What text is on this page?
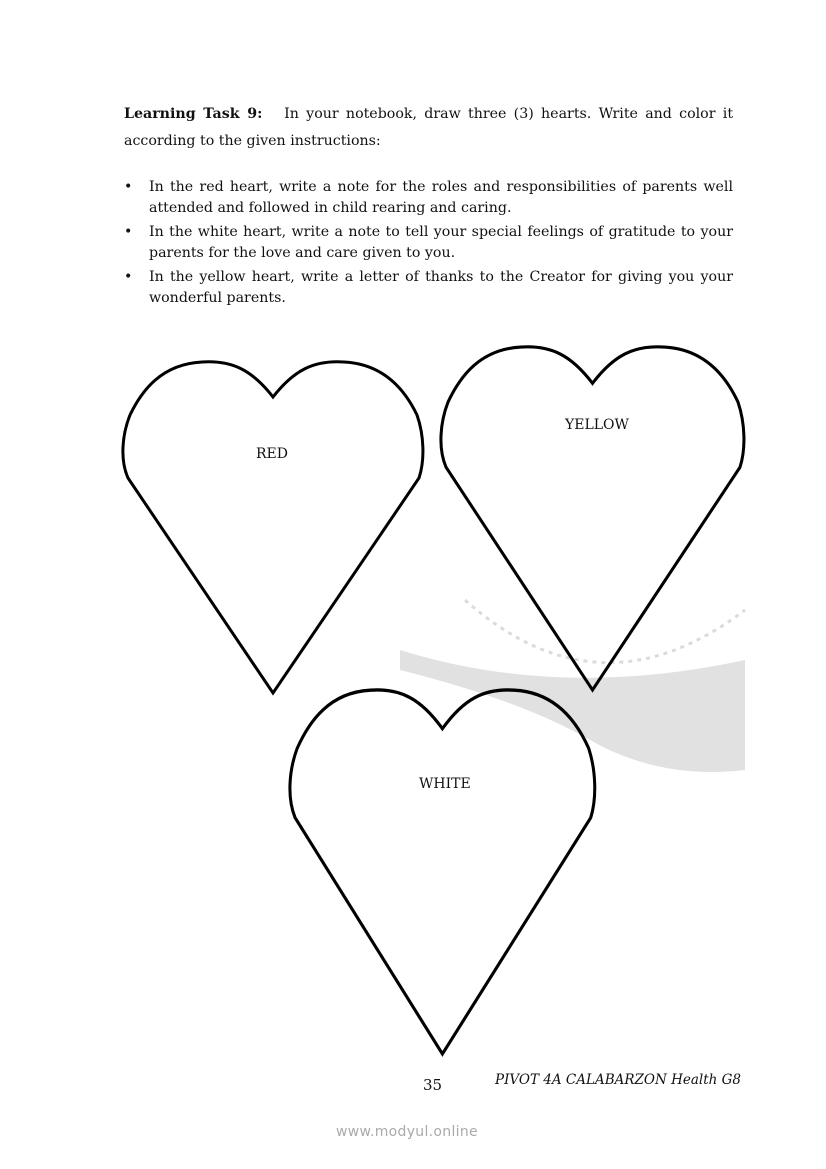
Learning Task 9: In your notebook, draw three (3) hearts. Write and color it according to the given instructions:
• In the red heart, write a note for the roles and responsibilities of parents well attended and followed in child rearing and caring.
• In the white heart, write a note to tell your special feelings of gratitude to your parents for the love and care given to you.
• In the yellow heart, write a letter of thanks to the Creator for giving you your wonderful parents.
RED
YELLOW
WHITE
35	PIVOT 4A CALABARZON Health G8
www.modyul.online
